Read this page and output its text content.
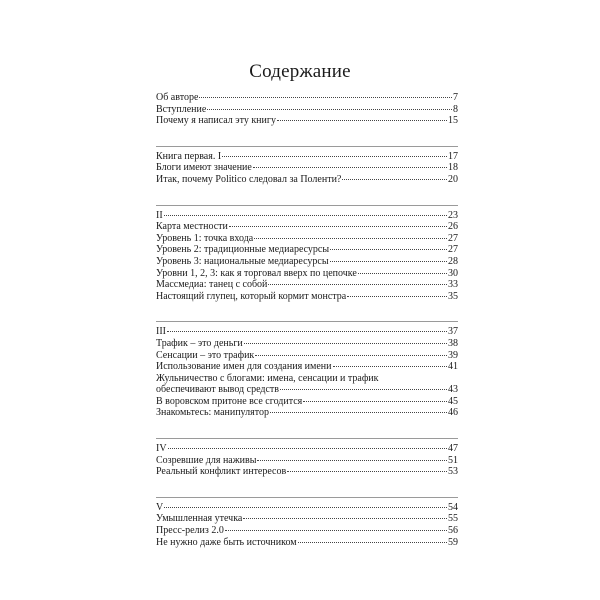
Содержание
Об авторе	7
Вступление	8
Почему я написал эту книгу	15
Книга первая. I	17
Блоги имеют значение	18
Итак, почему Politico следовал за Поленти?	20
II	23
Карта местности	26
Уровень 1: точка входа	27
Уровень 2: традиционные медиаресурсы	27
Уровень 3: национальные медиаресурсы	28
Уровни 1, 2, 3: как я торговал вверх по цепочке	30
Массмедиа: танец с собой	33
Настоящий глупец, который кормит монстра	35
III	37
Трафик – это деньги	38
Сенсации – это трафик	39
Использование имен для создания имени	41
Жульничество с блогами: имена, сенсации и трафик
обеспечивают вывод средств	43
В воровском притоне все сгодится	45
Знакомьтесь: манипулятор	46
IV	47
Созревшие для наживы	51
Реальный конфликт интересов	53
V	54
Умышленная утечка	55
Пресс-релиз 2.0	56
Не нужно даже быть источником	59
